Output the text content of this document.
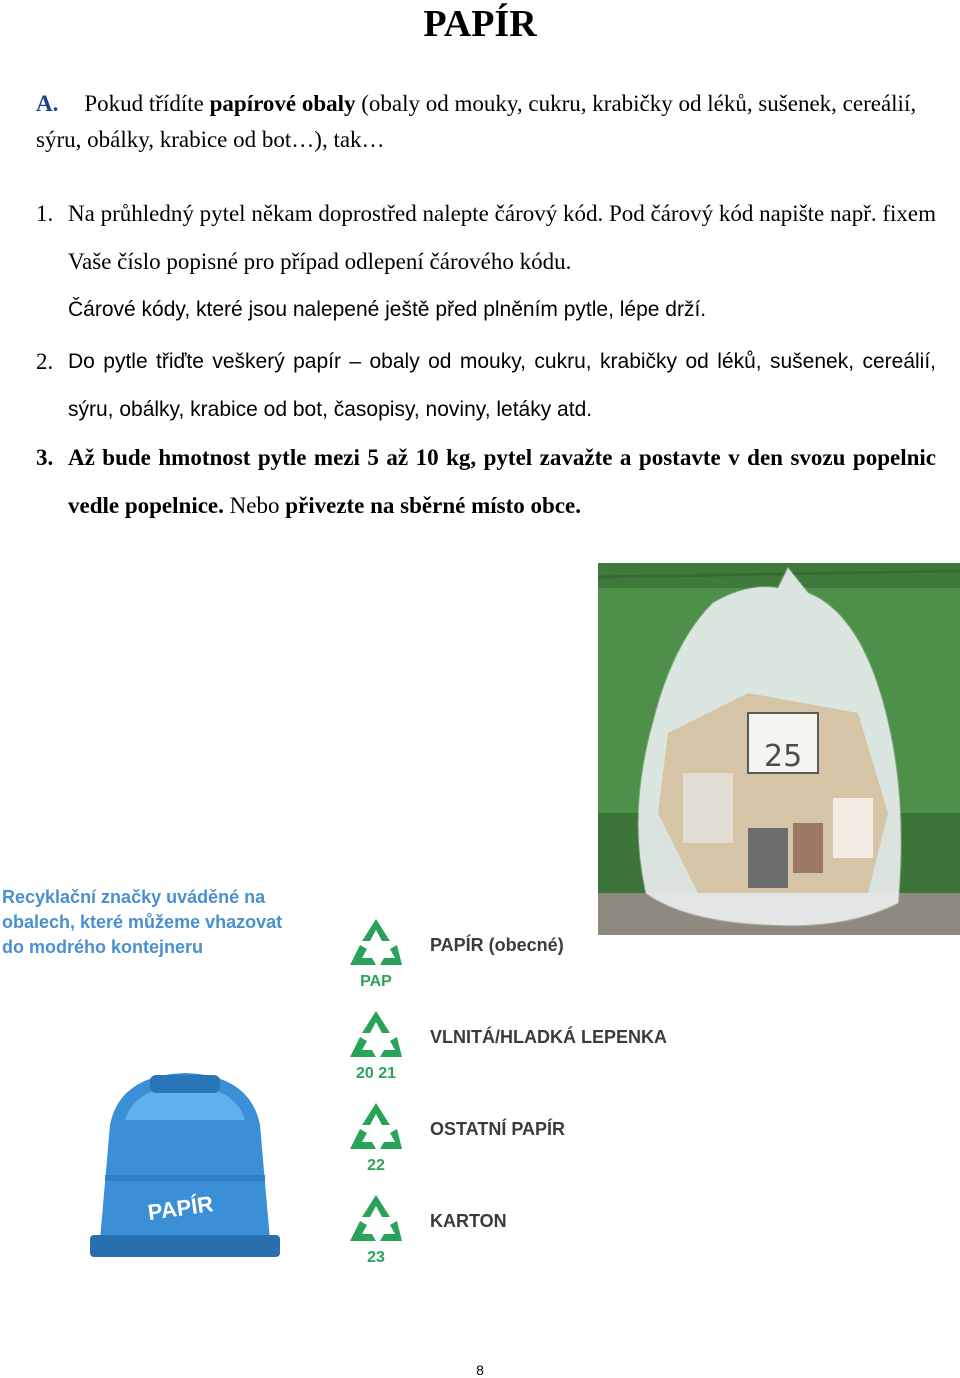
PAPÍR
A. Pokud třídíte papírové obaly (obaly od mouky, cukru, krabičky od léků, sušenek, cereálií, sýru, obálky, krabice od bot…), tak…
1. Na průhledný pytel někam doprostřed nalepte čárový kód. Pod čárový kód napište např. fixem Vaše číslo popisné pro případ odlepení čárového kódu.
Čárové kódy, které jsou nalepené ještě před plněním pytle, lépe drží.
2. Do pytle třiďte veškerý papír – obaly od mouky, cukru, krabičky od léků, sušenek, cereálií, sýru, obálky, krabice od bot, časopisy, noviny, letáky atd.
3. Až bude hmotnost pytle mezi 5 až 10 kg, pytel zavažte a postavte v den svozu popelnic vedle popelnice. Nebo přivezte na sběrné místo obce.
25
Recyklační značky uváděné na obalech, které můžeme vhazovat do modrého kontejneru
PAP
PAPÍR (obecné)
20 21
VLNITÁ/HLADKÁ LEPENKA
22
OSTATNÍ PAPÍR
23
KARTON
PAPÍR
8
